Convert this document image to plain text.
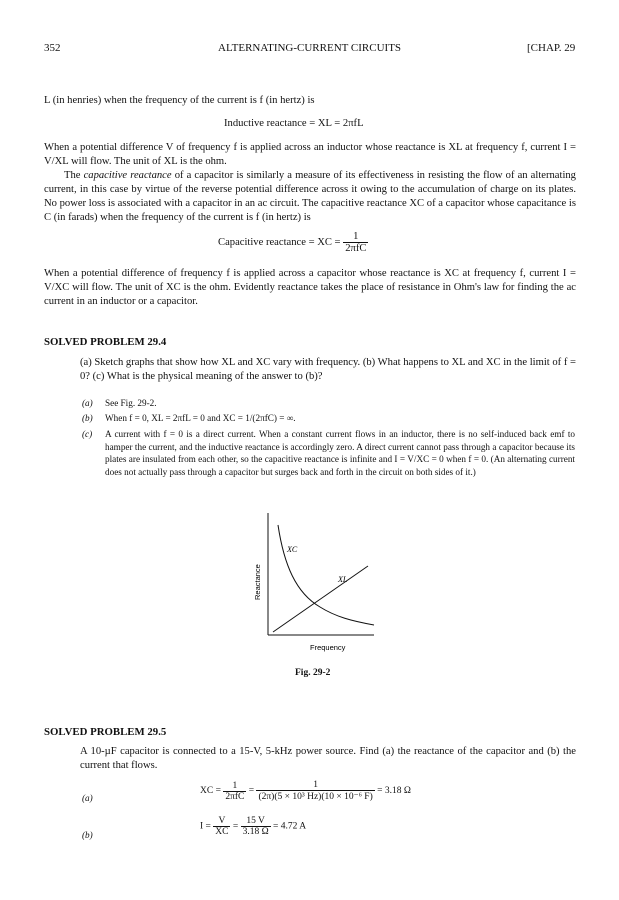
352	ALTERNATING-CURRENT CIRCUITS	[CHAP. 29
L (in henries) when the frequency of the current is f (in hertz) is
Inductive reactance = XL = 2πfL
When a potential difference V of frequency f is applied across an inductor whose reactance is XL at frequency f, current I = V/XL will flow. The unit of XL is the ohm.
The capacitive reactance of a capacitor is similarly a measure of its effectiveness in resisting the flow of an alternating current, in this case by virtue of the reverse potential difference across it owing to the accumulation of charge on its plates. No power loss is associated with a capacitor in an ac circuit. The capacitive reactance XC of a capacitor whose capacitance is C (in farads) when the frequency of the current is f (in hertz) is
Capacitive reactance = XC = $\frac{1}{\text{2πfC}}$
When a potential difference of frequency f is applied across a capacitor whose reactance is XC at frequency f, current I = V/XC will flow. The unit of XC is the ohm. Evidently reactance takes the place of resistance in Ohm's law for finding the ac current in an inductor or a capacitor.
SOLVED PROBLEM 29.4
(a) Sketch graphs that show how XL and XC vary with frequency. (b) What happens to XL and XC in the limit of f = 0? (c) What is the physical meaning of the answer to (b)?
(a) See Fig. 29-2.
(b) When f = 0, XL = 2πfL = 0 and XC = 1/(2πfC) = ∞.
(c) A current with f = 0 is a direct current. When a constant current flows in an inductor, there is no self-induced back emf to hamper the current, and the inductive reactance is accordingly zero. A direct current cannot pass through a capacitor because its plates are insulated from each other, so the capacitive reactance is infinite and I = V/XC = 0 when f = 0. (An alternating current does not actually pass through a capacitor but surges back and forth in the circuit on both sides of it.)
XC
XL
Reactance
Frequency
Fig. 29-2
SOLVED PROBLEM 29.5
A 10-µF capacitor is connected to a 15-V, 5-kHz power source. Find (a) the reactance of the capacitor and (b) the current that flows.
(a)
XC = $\frac{1}{\text{2πfC}} = \frac{1}{\text{(2π)(5 × 10³ Hz)(10 × 10⁻⁶ F)}} = 3.18$ Ω
(b)
$I = \frac{V}{XC} = \frac{15 V}{3.18 \Omega} = 4.72$ A
